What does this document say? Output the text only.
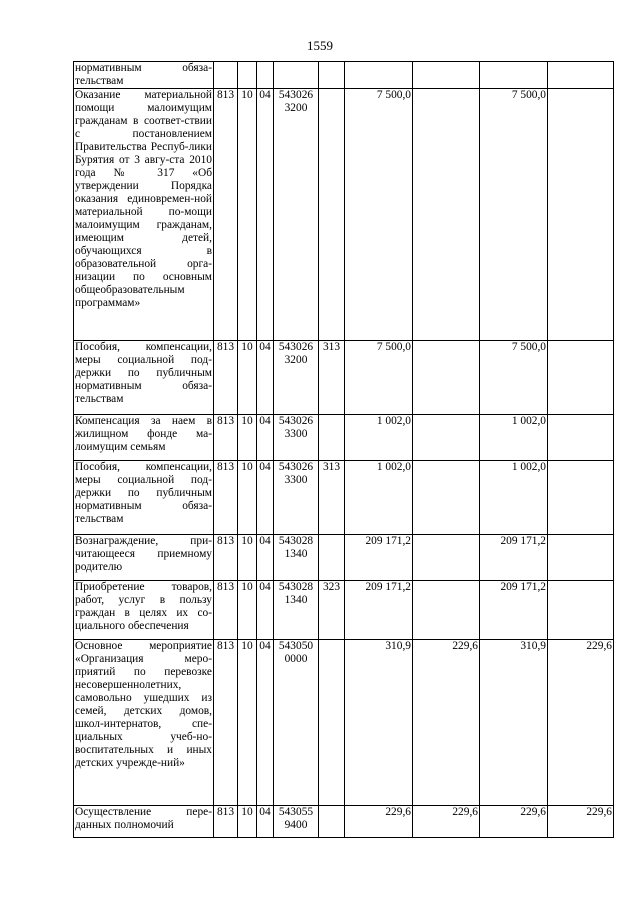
1559
нормативным обяза-тельствам									
Оказание материальной помощи малоимущим гражданам в соответ-ствии с постановлением Правительства Респуб-лики Бурятия от 3 авгу-ста 2010 года № 317 «Об утверждении Порядка оказания единовремен-ной материальной по-мощи малоимущим гражданам, имеющим детей, обучающихся в образовательной орга-низации по основным общеобразовательным программам»	813	10	04	543026 3200		7 500,0		7 500,0	
Пособия, компенсации, меры социальной под-держки по публичным нормативным обяза-тельствам	813	10	04	543026 3200	313	7 500,0		7 500,0	
Компенсация за наем в жилищном фонде ма-лоимущим семьям	813	10	04	543026 3300		1 002,0		1 002,0	
Пособия, компенсации, меры социальной под-держки по публичным нормативным обяза-тельствам	813	10	04	543026 3300	313	1 002,0		1 002,0	
Вознаграждение, при-читающееся приемному родителю	813	10	04	543028 1340		209 171,2		209 171,2	
Приобретение товаров, работ, услуг в пользу граждан в целях их со-циального обеспечения	813	10	04	543028 1340	323	209 171,2		209 171,2	
Основное мероприятие «Организация меро-приятий по перевозке несовершеннолетних, самовольно ушедших из семей, детских домов, школ-интернатов, спе-циальных учеб-но-воспитательных и иных детских учрежде-ний»	813	10	04	543050 0000		310,9	229,6	310,9	229,6
Осуществление пере-данных полномочий	813	10	04	543055 9400		229,6	229,6	229,6	229,6
